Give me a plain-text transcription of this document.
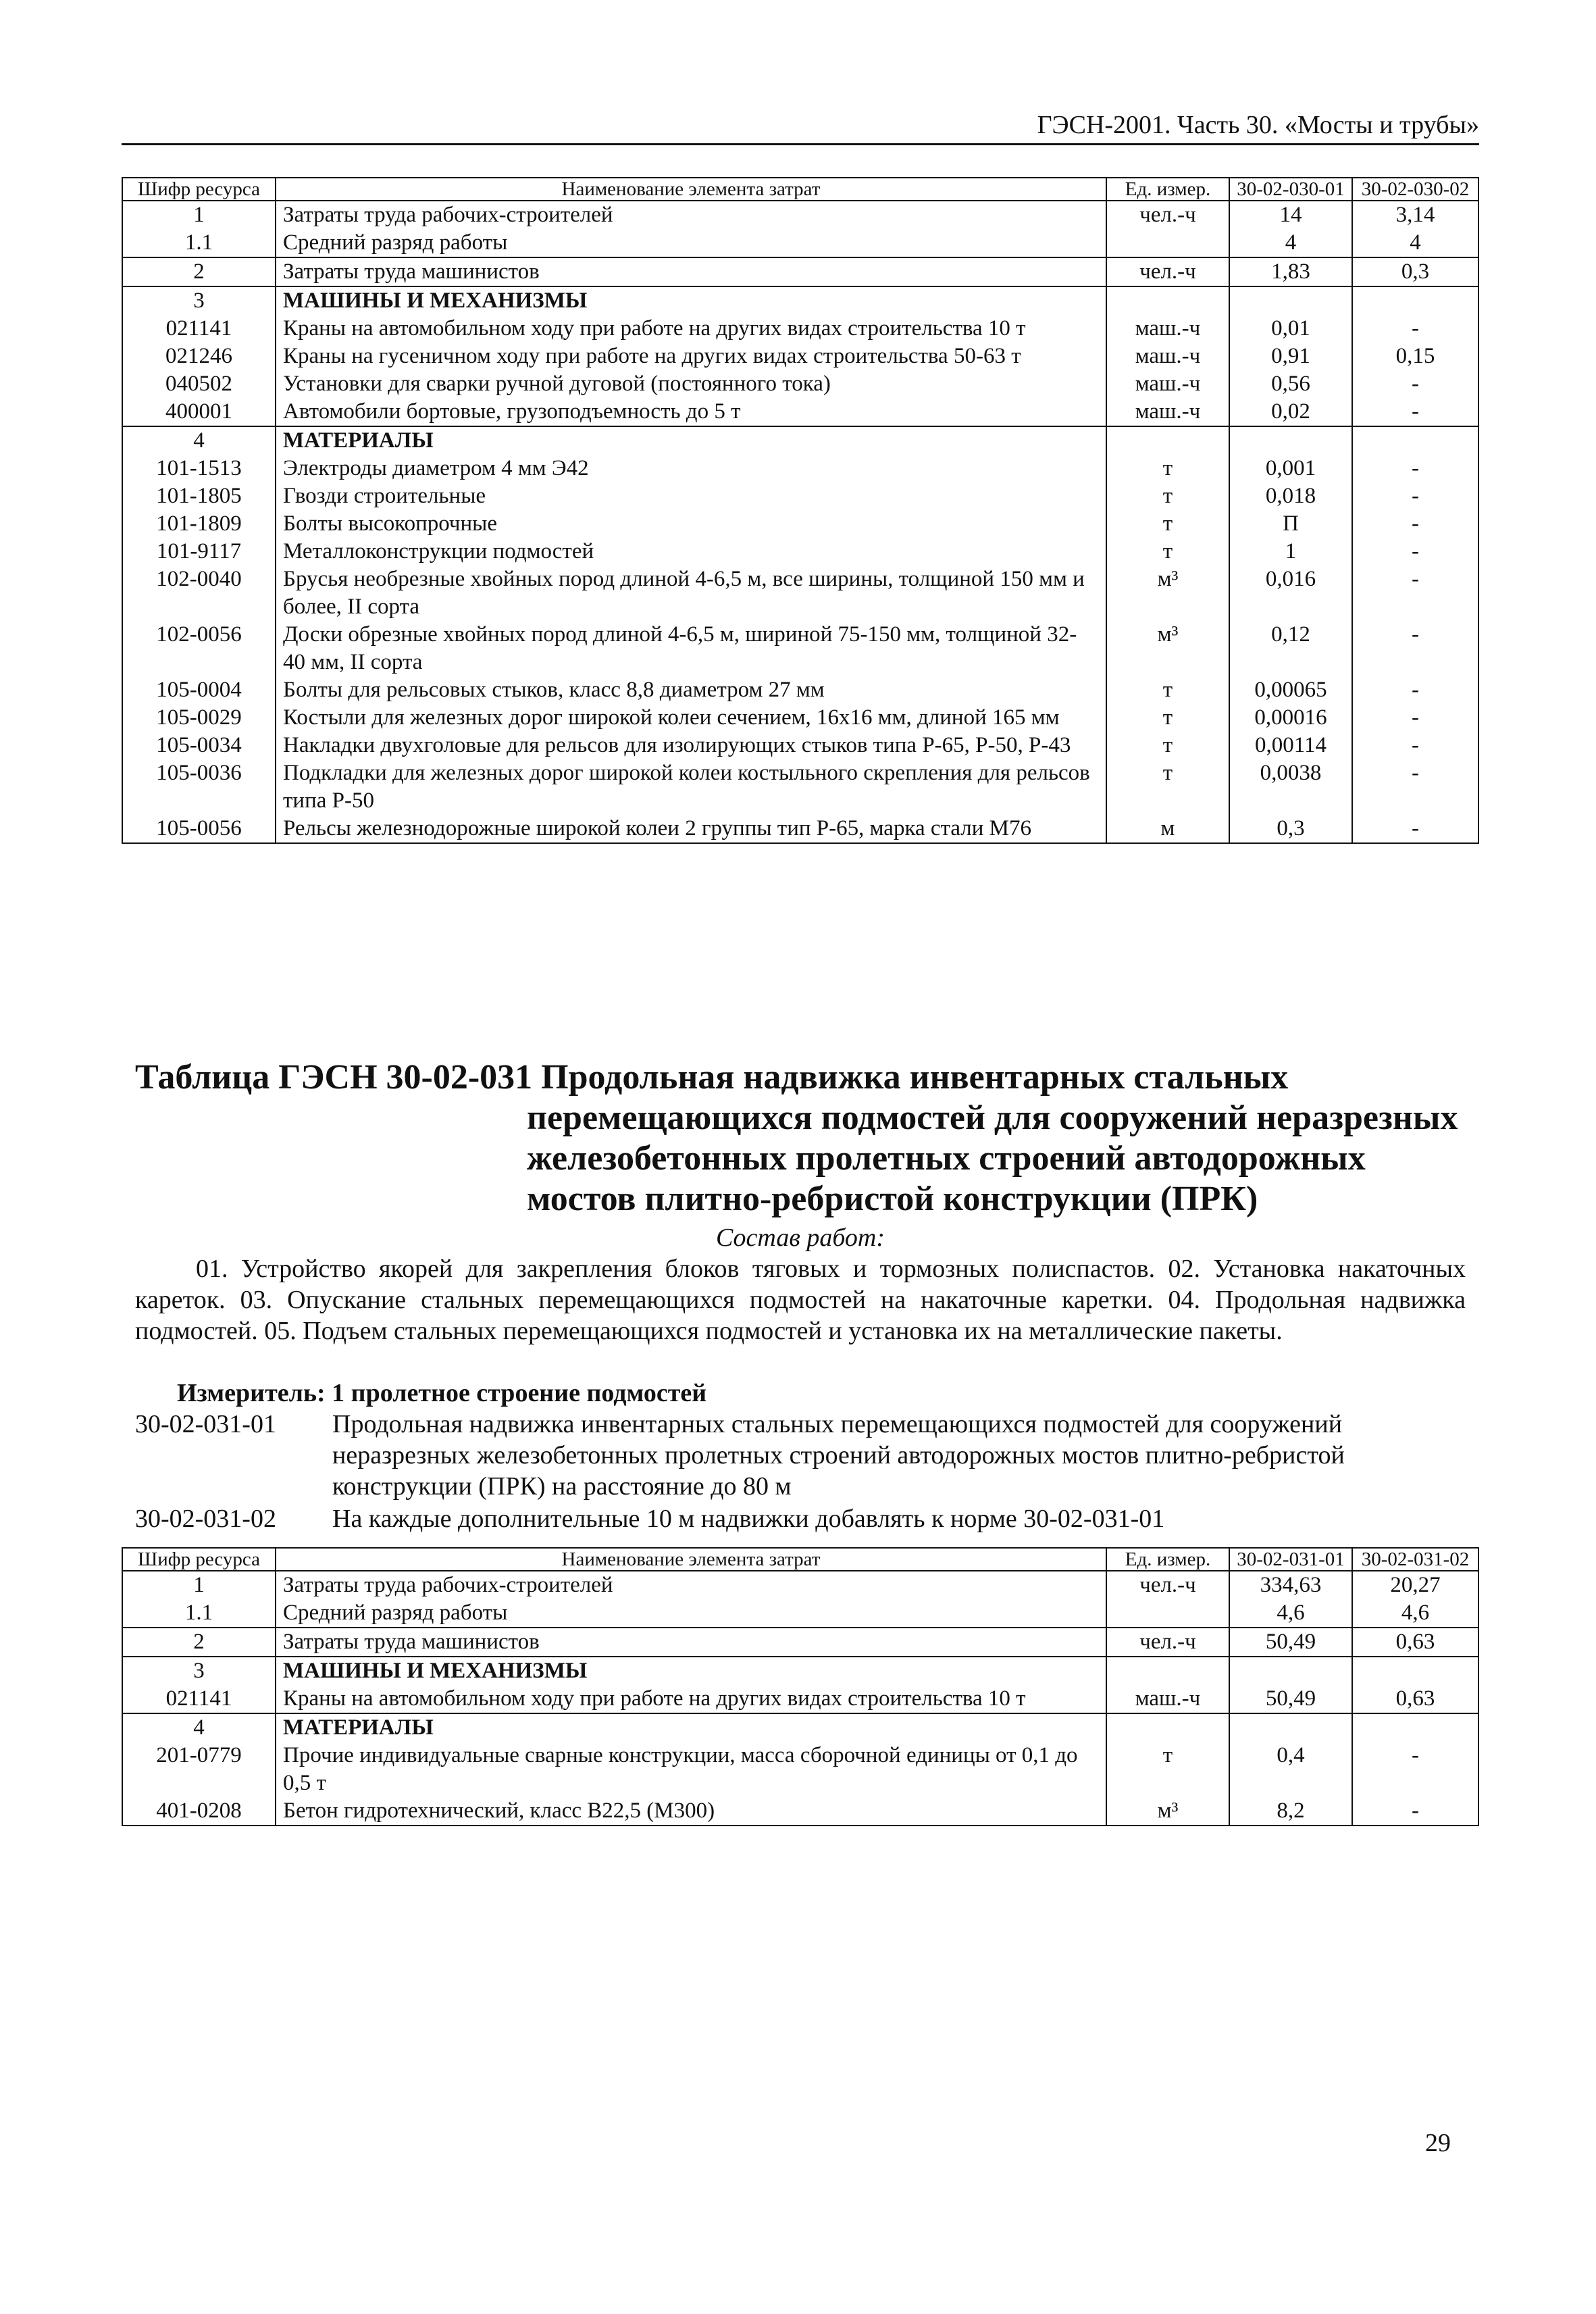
ГЭСН-2001. Часть 30. «Мосты и трубы»
Шифр ресурса	Наименование элемента затрат	Ед. измер.	30-02-030-01	30-02-030-02
1	Затраты труда рабочих-строителей	чел.-ч	14	3,14
1.1	Средний разряд работы		4	4
2	Затраты труда машинистов	чел.-ч	1,83	0,3
3	МАШИНЫ И МЕХАНИЗМЫ			
021141	Краны на автомобильном ходу при работе на других видах строительства 10 т	маш.-ч	0,01	-
021246	Краны на гусеничном ходу при работе на других видах строительства 50-63 т	маш.-ч	0,91	0,15
040502	Установки для сварки ручной дуговой (постоянного тока)	маш.-ч	0,56	-
400001	Автомобили бортовые, грузоподъемность до 5 т	маш.-ч	0,02	-
4	МАТЕРИАЛЫ			
101-1513	Электроды диаметром 4 мм Э42	т	0,001	-
101-1805	Гвозди строительные	т	0,018	-
101-1809	Болты высокопрочные	т	П	-
101-9117	Металлоконструкции подмостей	т	1	-
102-0040	Брусья необрезные хвойных пород длиной 4-6,5 м, все ширины, толщиной 150 мм и более, II сорта	м³	0,016	-
102-0056	Доски обрезные хвойных пород длиной 4-6,5 м, шириной 75-150 мм, толщиной 32-40 мм, II сорта	м³	0,12	-
105-0004	Болты для рельсовых стыков, класс 8,8 диаметром 27 мм	т	0,00065	-
105-0029	Костыли для железных дорог широкой колеи сечением, 16x16 мм, длиной 165 мм	т	0,00016	-
105-0034	Накладки двухголовые для рельсов для изолирующих стыков типа Р-65, Р-50, Р-43	т	0,00114	-
105-0036	Подкладки для железных дорог широкой колеи костыльного скрепления для рельсов типа Р-50	т	0,0038	-
105-0056	Рельсы железнодорожные широкой колеи 2 группы тип Р-65, марка стали М76	м	0,3	-
Таблица ГЭСН 30-02-031 Продольная надвижка инвентарных стальных
перемещающихся подмостей для сооружений неразрезных железобетонных пролетных строений автодорожных мостов плитно-ребристой конструкции (ПРК)
Состав работ:
01. Устройство якорей для закрепления блоков тяговых и тормозных полиспастов. 02. Установка накаточных кареток. 03. Опускание стальных перемещающихся подмостей на накаточные каретки. 04. Продольная надвижка подмостей. 05. Подъем стальных перемещающихся подмостей и установка их на металлические пакеты.
Измеритель: 1 пролетное строение подмостей
30-02-031-01	Продольная надвижка инвентарных стальных перемещающихся подмостей для сооружений неразрезных железобетонных пролетных строений автодорожных мостов плитно-ребристой конструкции (ПРК) на расстояние до 80 м
30-02-031-02	На каждые дополнительные 10 м надвижки добавлять к норме 30-02-031-01
Шифр ресурса	Наименование элемента затрат	Ед. измер.	30-02-031-01	30-02-031-02
1	Затраты труда рабочих-строителей	чел.-ч	334,63	20,27
1.1	Средний разряд работы		4,6	4,6
2	Затраты труда машинистов	чел.-ч	50,49	0,63
3	МАШИНЫ И МЕХАНИЗМЫ			
021141	Краны на автомобильном ходу при работе на других видах строительства 10 т	маш.-ч	50,49	0,63
4	МАТЕРИАЛЫ			
201-0779	Прочие индивидуальные сварные конструкции, масса сборочной единицы от 0,1 до 0,5 т	т	0,4	-
401-0208	Бетон гидротехнический, класс В22,5 (М300)	м³	8,2	-
29
